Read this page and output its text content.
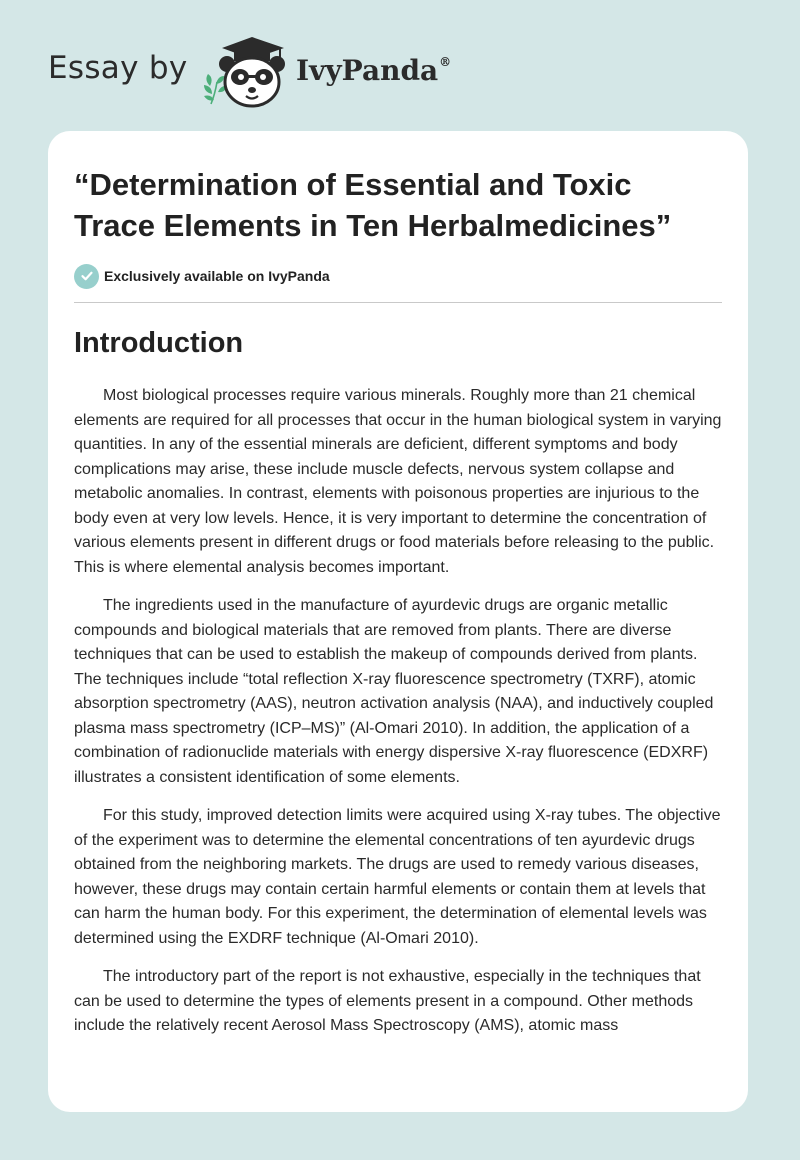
Essay by	IvyPanda®
“Determination of Essential and Toxic Trace Elements in Ten Herbalmedicines”
Exclusively available on IvyPanda
Introduction

Most biological processes require various minerals. Roughly more than 21 chemical elements are required for all processes that occur in the human biological system in varying quantities. In any of the essential minerals are deficient, different symptoms and body complications may arise, these include muscle defects, nervous system collapse and metabolic anomalies. In contrast, elements with poisonous properties are injurious to the body even at very low levels. Hence, it is very important to determine the concentration of various elements present in different drugs or food materials before releasing to the public. This is where elemental analysis becomes important.

The ingredients used in the manufacture of ayurdevic drugs are organic metallic compounds and biological materials that are removed from plants. There are diverse techniques that can be used to establish the makeup of compounds derived from plants. The techniques include “total reflection X-ray fluorescence spectrometry (TXRF), atomic absorption spectrometry (AAS), neutron activation analysis (NAA), and inductively coupled plasma mass spectrometry (ICP–MS)” (Al-Omari 2010). In addition, the application of a combination of radionuclide materials with energy dispersive X-ray fluorescence (EDXRF) illustrates a consistent identification of some elements.

For this study, improved detection limits were acquired using X-ray tubes. The objective of the experiment was to determine the elemental concentrations of ten ayurdevic drugs obtained from the neighboring markets. The drugs are used to remedy various diseases, however, these drugs may contain certain harmful elements or contain them at levels that can harm the human body. For this experiment, the determination of elemental levels was determined using the EXDRF technique (Al-Omari 2010).

The introductory part of the report is not exhaustive, especially in the techniques that can be used to determine the types of elements present in a compound. Other methods include the relatively recent Aerosol Mass Spectroscopy (AMS), atomic mass
